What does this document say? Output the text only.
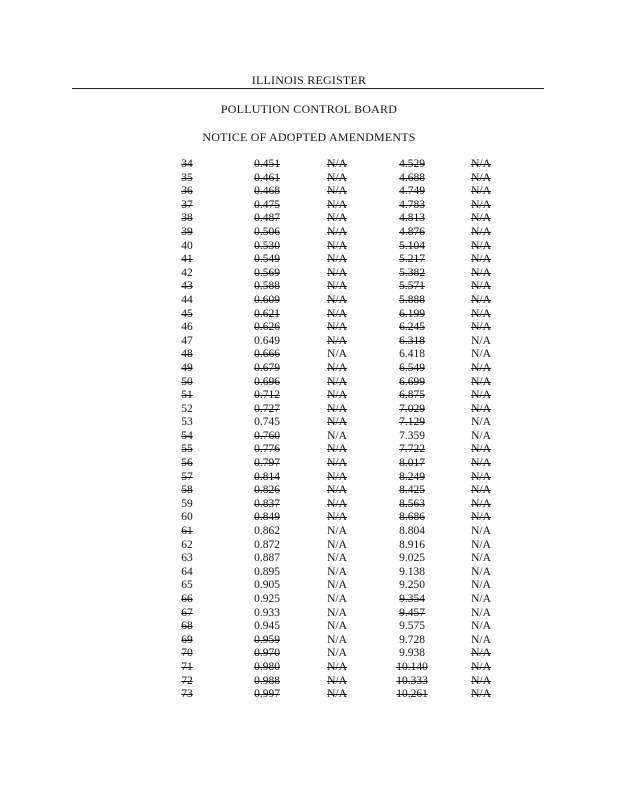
ILLINOIS REGISTER
POLLUTION CONTROL BOARD
NOTICE OF ADOPTED AMENDMENTS
34	0.451	N/A	4.529	N/A
35	0.461	N/A	4.688	N/A
36	0.468	N/A	4.749	N/A
37	0.475	N/A	4.783	N/A
38	0.487	N/A	4.813	N/A
39	0.506	N/A	4.876	N/A
40	0.530	N/A	5.104	N/A
41	0.549	N/A	5.217	N/A
42	0.569	N/A	5.382	N/A
43	0.588	N/A	5.571	N/A
44	0.609	N/A	5.888	N/A
45	0.621	N/A	6.199	N/A
46	0.626	N/A	6.245	N/A
47	0.649	N/A	6.318	N/A
48	0.666	N/A	6.418	N/A
49	0.679	N/A	6.549	N/A
50	0.696	N/A	6.699	N/A
51	0.712	N/A	6.875	N/A
52	0.727	N/A	7.029	N/A
53	0.745	N/A	7.129	N/A
54	0.760	N/A	7.359	N/A
55	0.776	N/A	7.722	N/A
56	0.797	N/A	8.017	N/A
57	0.814	N/A	8.249	N/A
58	0.826	N/A	8.425	N/A
59	0.837	N/A	8.563	N/A
60	0.849	N/A	8.686	N/A
61	0.862	N/A	8.804	N/A
62	0.872	N/A	8.916	N/A
63	0.887	N/A	9.025	N/A
64	0.895	N/A	9.138	N/A
65	0.905	N/A	9.250	N/A
66	0.925	N/A	9.354	N/A
67	0.933	N/A	9.457	N/A
68	0.945	N/A	9.575	N/A
69	0.959	N/A	9.728	N/A
70	0.970	N/A	9.938	N/A
71	0.980	N/A	10.140	N/A
72	0.988	N/A	10.333	N/A
73	0.997	N/A	10.261	N/A
